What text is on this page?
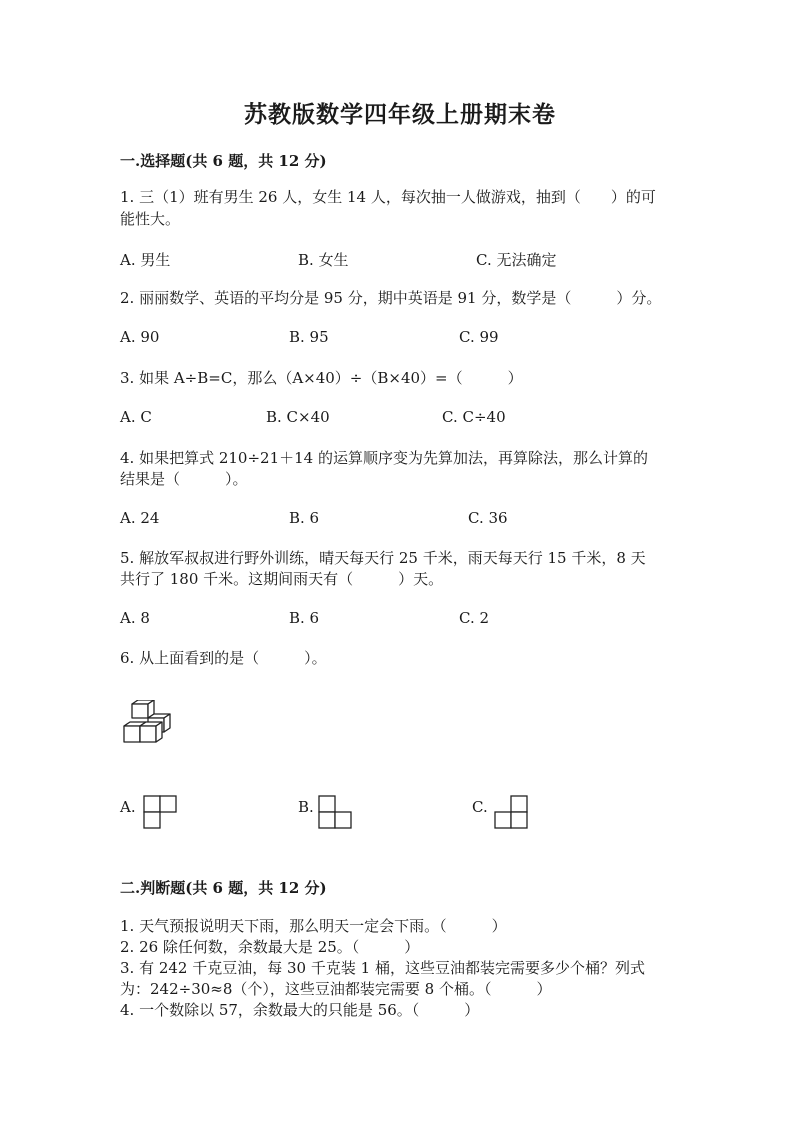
苏教版数学四年级上册期末卷
一.选择题(共 6 题，共 12 分)
1. 三（1）班有男生 26 人，女生 14 人，每次抽一人做游戏，抽到（　　）的可
能性大。
A. 男生	B. 女生	C. 无法确定
2. 丽丽数学、英语的平均分是 95 分，期中英语是 91 分，数学是（　　　）分。
A. 90	B. 95	C. 99
3. 如果 A÷B=C，那么（A×40）÷（B×40）=（　　　）
A. C	B. C×40	C. C÷40
4. 如果把算式 210÷21＋14 的运算顺序变为先算加法，再算除法，那么计算的
结果是（　　　）。
A. 24	B. 6	C. 36
5. 解放军叔叔进行野外训练，晴天每天行 25 千米，雨天每天行 15 千米，8 天
共行了 180 千米。这期间雨天有（　　　）天。
A. 8	B. 6	C. 2
6. 从上面看到的是（　　　）。
A.	B.	C.
二.判断题(共 6 题，共 12 分)
1. 天气预报说明天下雨，那么明天一定会下雨。（　　　）
2. 26 除任何数，余数最大是 25。（　　　）
3. 有 242 千克豆油，每 30 千克装 1 桶，这些豆油都装完需要多少个桶？列式
为：242÷30≈8（个），这些豆油都装完需要 8 个桶。（　　　）
4. 一个数除以 57，余数最大的只能是 56。（　　　）
